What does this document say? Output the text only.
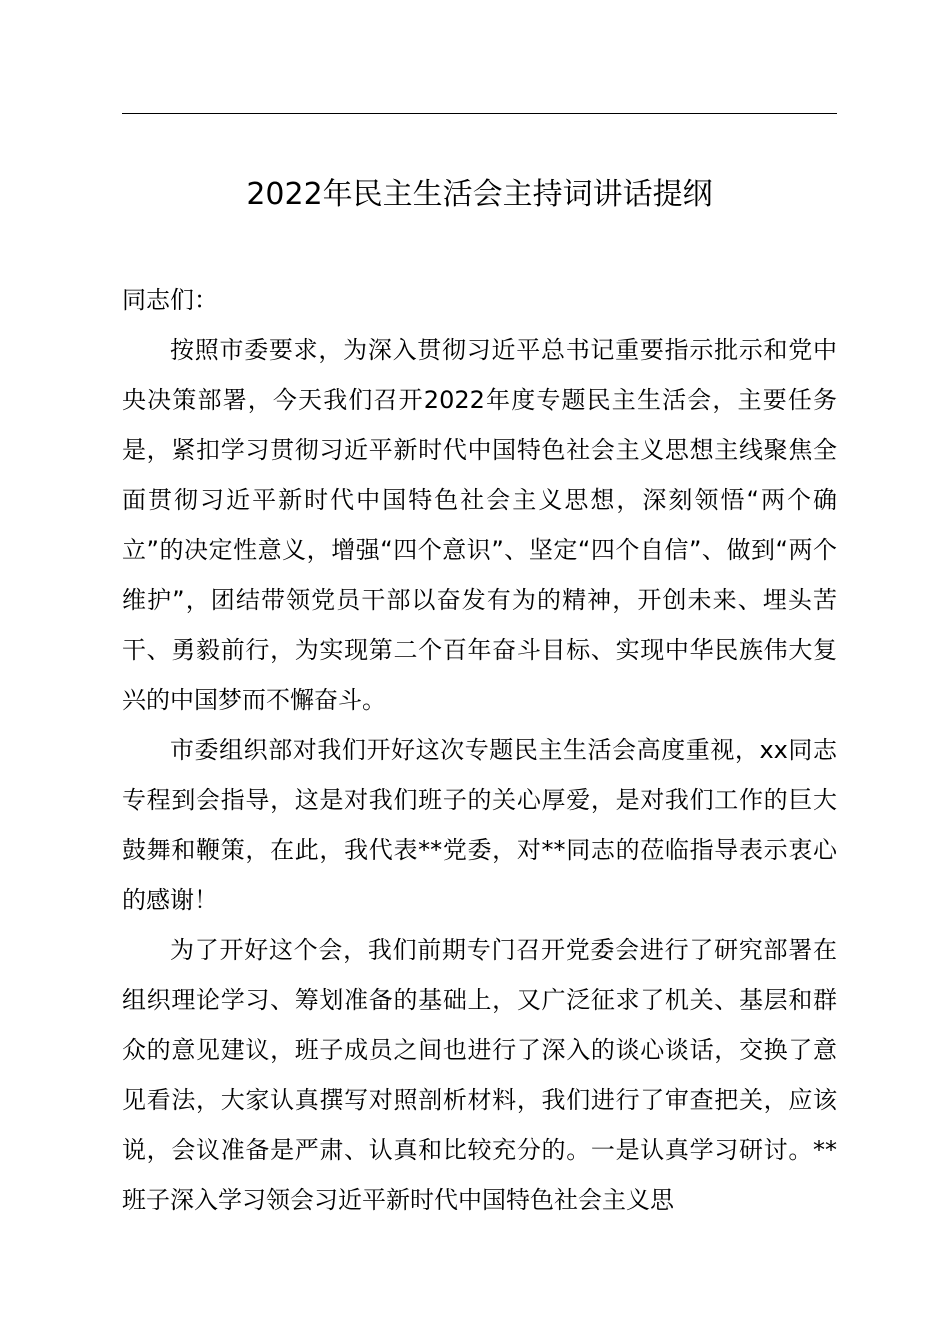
2022年民主生活会主持词讲话提纲

同志们：

按照市委要求，为深入贯彻习近平总书记重要指示批示和党中央决策部署，今天我们召开2022年度专题民主生活会，主要任务是，紧扣学习贯彻习近平新时代中国特色社会主义思想主线聚焦全面贯彻习近平新时代中国特色社会主义思想，深刻领悟“两个确立”的决定性意义，增强“四个意识”、坚定“四个自信”、做到“两个维护”，团结带领党员干部以奋发有为的精神，开创未来、埋头苦干、勇毅前行，为实现第二个百年奋斗目标、实现中华民族伟大复兴的中国梦而不懈奋斗。

市委组织部对我们开好这次专题民主生活会高度重视，xx同志专程到会指导，这是对我们班子的关心厚爱，是对我们工作的巨大鼓舞和鞭策，在此，我代表**党委，对**同志的莅临指导表示衷心的感谢！

为了开好这个会，我们前期专门召开党委会进行了研究部署在组织理论学习、筹划准备的基础上，又广泛征求了机关、基层和群众的意见建议，班子成员之间也进行了深入的谈心谈话，交换了意见看法，大家认真撰写对照剖析材料，我们进行了审查把关，应该说，会议准备是严肃、认真和比较充分的。一是认真学习研讨。**班子深入学习领会习近平新时代中国特色社会主义思
